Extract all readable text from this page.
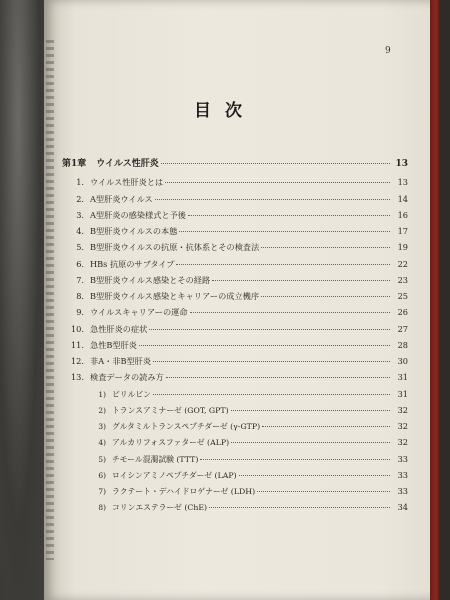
9
目次
第1章 ウイルス性肝炎	13
1. ウイルス性肝炎とは	13
2. A型肝炎ウイルス	14
3. A型肝炎の感染様式と予後	16
4. B型肝炎ウイルスの本態	17
5. B型肝炎ウイルスの抗原・抗体系とその検査法	19
6. HBs 抗原のサブタイプ	22
7. B型肝炎ウイルス感染とその経路	23
8. B型肝炎ウイルス感染とキャリアーの成立機序	25
9. ウイルスキャリアーの運命	26
10. 急性肝炎の症状	27
11. 急性B型肝炎	28
12. 非A・非B型肝炎	30
13. 検査データの読み方	31
1) ビリルビン	31
2) トランスアミナーゼ (GOT, GPT)	32
3) グルタミルトランスペプチダーゼ (γ-GTP)	32
4) アルカリフォスファターゼ (ALP)	32
5) チモール混濁試験 (TTT)	33
6) ロイシンアミノペプチダーゼ (LAP)	33
7) ラクテート・デハイドロゲナーゼ (LDH)	33
8) コリンエステラーゼ (ChE)	34
